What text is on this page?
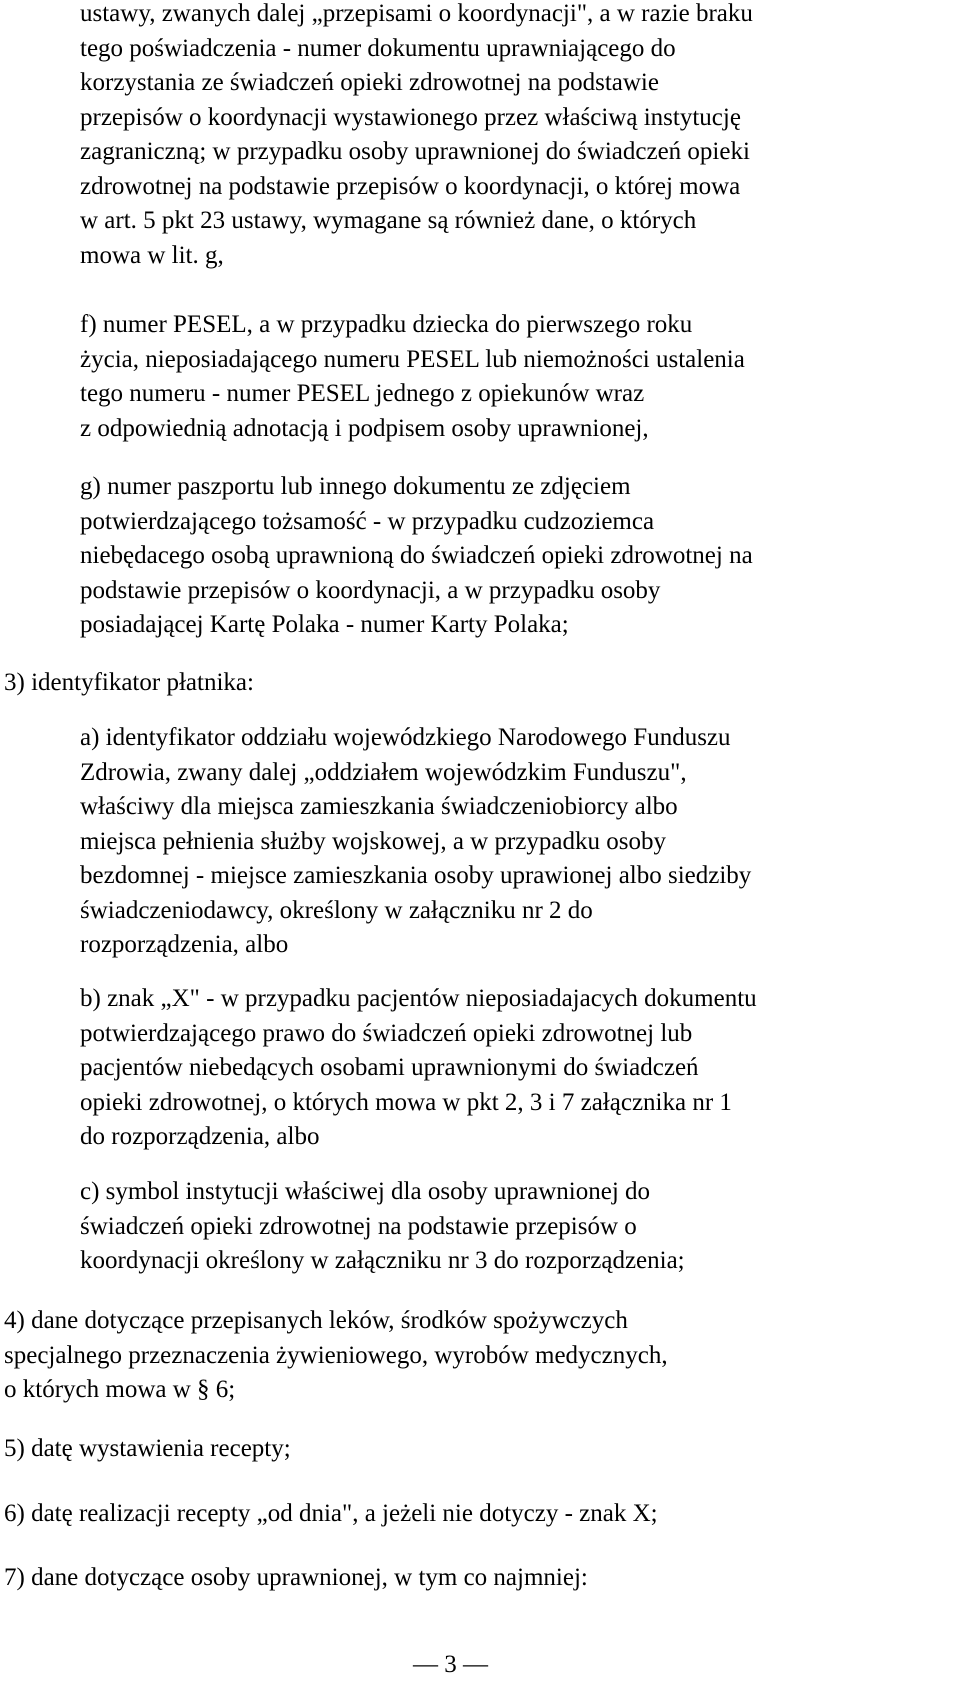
ustawy, zwanych dalej „przepisami o koordynacji", a w razie braku
tego poświadczenia - numer dokumentu uprawniającego do
korzystania ze świadczeń opieki zdrowotnej na podstawie
przepisów o koordynacji wystawionego przez właściwą instytucję
zagraniczną; w przypadku osoby uprawnionej do świadczeń opieki
zdrowotnej na podstawie przepisów o koordynacji, o której mowa
w art. 5 pkt 23 ustawy, wymagane są również dane, o których
mowa w lit. g,
f) numer PESEL, a w przypadku dziecka do pierwszego roku
życia, nieposiadającego numeru PESEL lub niemożności ustalenia
tego numeru - numer PESEL jednego z opiekunów wraz
z odpowiednią adnotacją i podpisem osoby uprawnionej,
g) numer paszportu lub innego dokumentu ze zdjęciem
potwierdzającego tożsamość - w przypadku cudzoziemca
niebędacego osobą uprawnioną do świadczeń opieki zdrowotnej na
podstawie przepisów o koordynacji, a w przypadku osoby
posiadającej Kartę Polaka - numer Karty Polaka;
3) identyfikator płatnika:
a) identyfikator oddziału wojewódzkiego Narodowego Funduszu
Zdrowia, zwany dalej „oddziałem wojewódzkim Funduszu",
właściwy dla miejsca zamieszkania świadczeniobiorcy albo
miejsca pełnienia służby wojskowej, a w przypadku osoby
bezdomnej - miejsce zamieszkania osoby uprawionej albo siedziby
świadczeniodawcy, określony w załączniku nr 2 do
rozporządzenia, albo
b) znak „X" - w przypadku pacjentów nieposiadajacych dokumentu
potwierdzającego prawo do świadczeń opieki zdrowotnej lub
pacjentów niebedących osobami uprawnionymi do świadczeń
opieki zdrowotnej, o których mowa w pkt 2, 3 i 7 załącznika nr 1
do rozporządzenia, albo
c) symbol instytucji właściwej dla osoby uprawnionej do
świadczeń opieki zdrowotnej na podstawie przepisów o
koordynacji określony w załączniku nr 3 do rozporządzenia;
4) dane dotyczące przepisanych leków, środków spożywczych
specjalnego przeznaczenia żywieniowego, wyrobów medycznych,
o których mowa w § 6;
5) datę wystawienia recepty;
6) datę realizacji recepty „od dnia", a jeżeli nie dotyczy - znak X;
7) dane dotyczące osoby uprawnionej, w tym co najmniej:
— 3 —
